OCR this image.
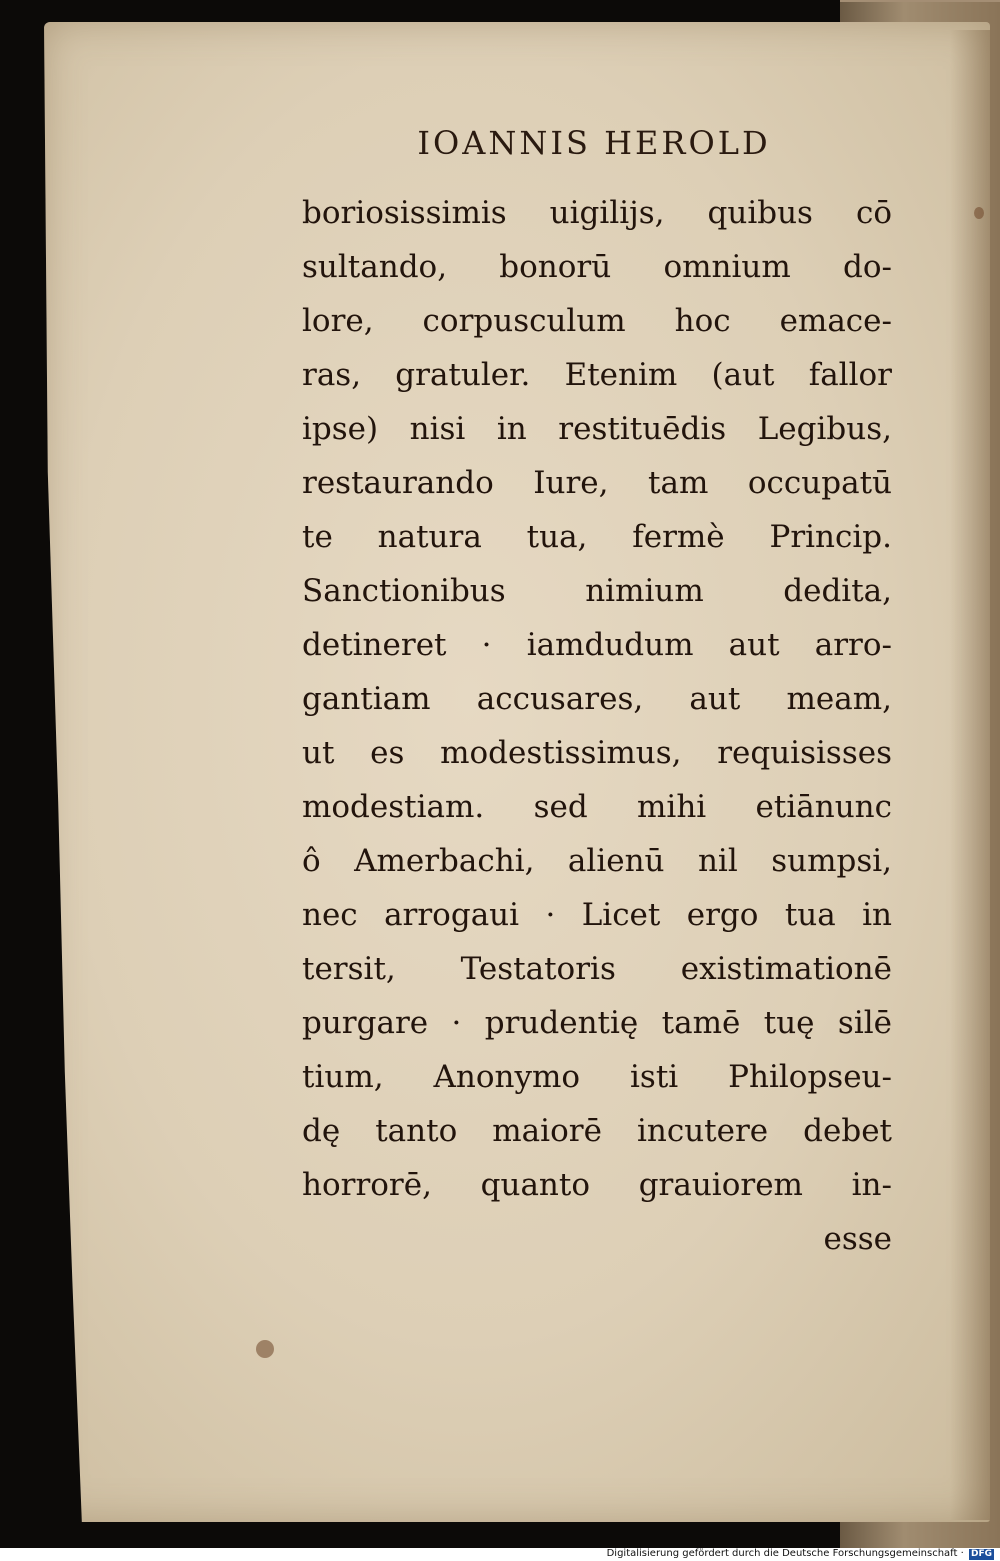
IOANNIS HEROLD
boriosissimis uigilijs, quibus cō
sultando, bonorū omnium do-
lore, corpusculum hoc emace-
ras, gratuler. Etenim (aut fallor
ipse) nisi in restituēdis Legibus,
restaurando Iure, tam occupatū
te natura tua, fermè Princip.
Sanctionibus nimium dedita,
detineret · iamdudum aut arro-
gantiam accusares, aut meam,
ut es modestissimus, requisisses
modestiam. sed mihi etiānunc
ô Amerbachi, alienū nil sumpsi,
nec arrogaui · Licet ergo tua in
tersit, Testatoris existimationē
purgare · prudentię tamē tuę silē
tium, Anonymo isti Philopseu-
dę tanto maiorē incutere debet
horrorē, quanto grauiorem in-
esse
Digitalisierung gefördert durch die Deutsche Forschungsgemeinschaft · DFG
